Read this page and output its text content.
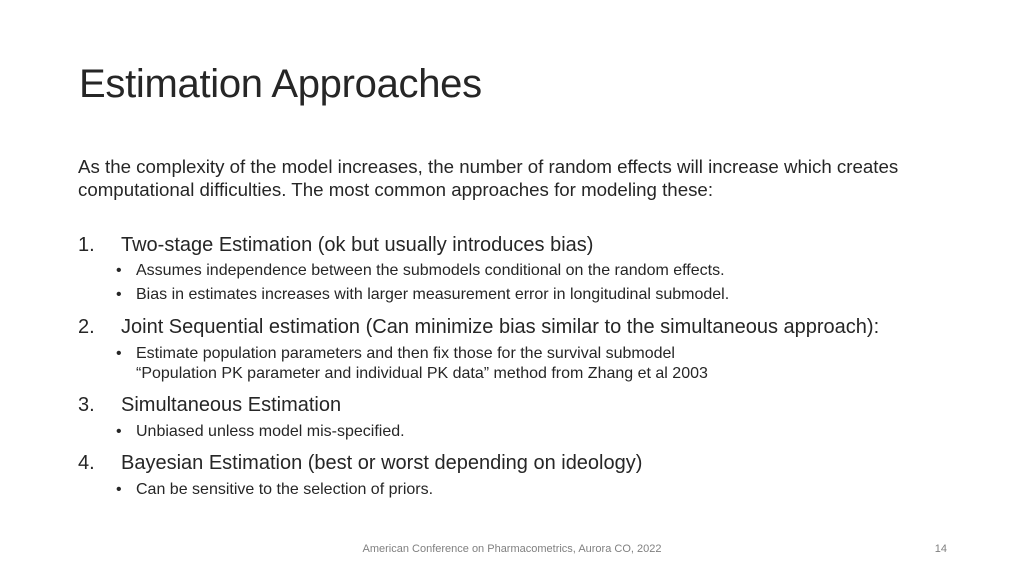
Estimation Approaches
As the complexity of the model increases, the number of random effects will increase which creates computational difficulties. The most common approaches for modeling these:
1. Two-stage Estimation (ok but usually introduces bias)
• Assumes independence between the submodels conditional on the random effects.
• Bias in estimates increases with larger measurement error in longitudinal submodel.
2. Joint Sequential estimation (Can minimize bias similar to the simultaneous approach):
• Estimate population parameters and then fix those for the survival submodel
“Population PK parameter and individual PK data” method from Zhang et al 2003
3. Simultaneous Estimation
• Unbiased unless model mis-specified.
4. Bayesian Estimation (best or worst depending on ideology)
• Can be sensitive to the selection of priors.
American Conference on Pharmacometrics, Aurora CO, 2022	14
